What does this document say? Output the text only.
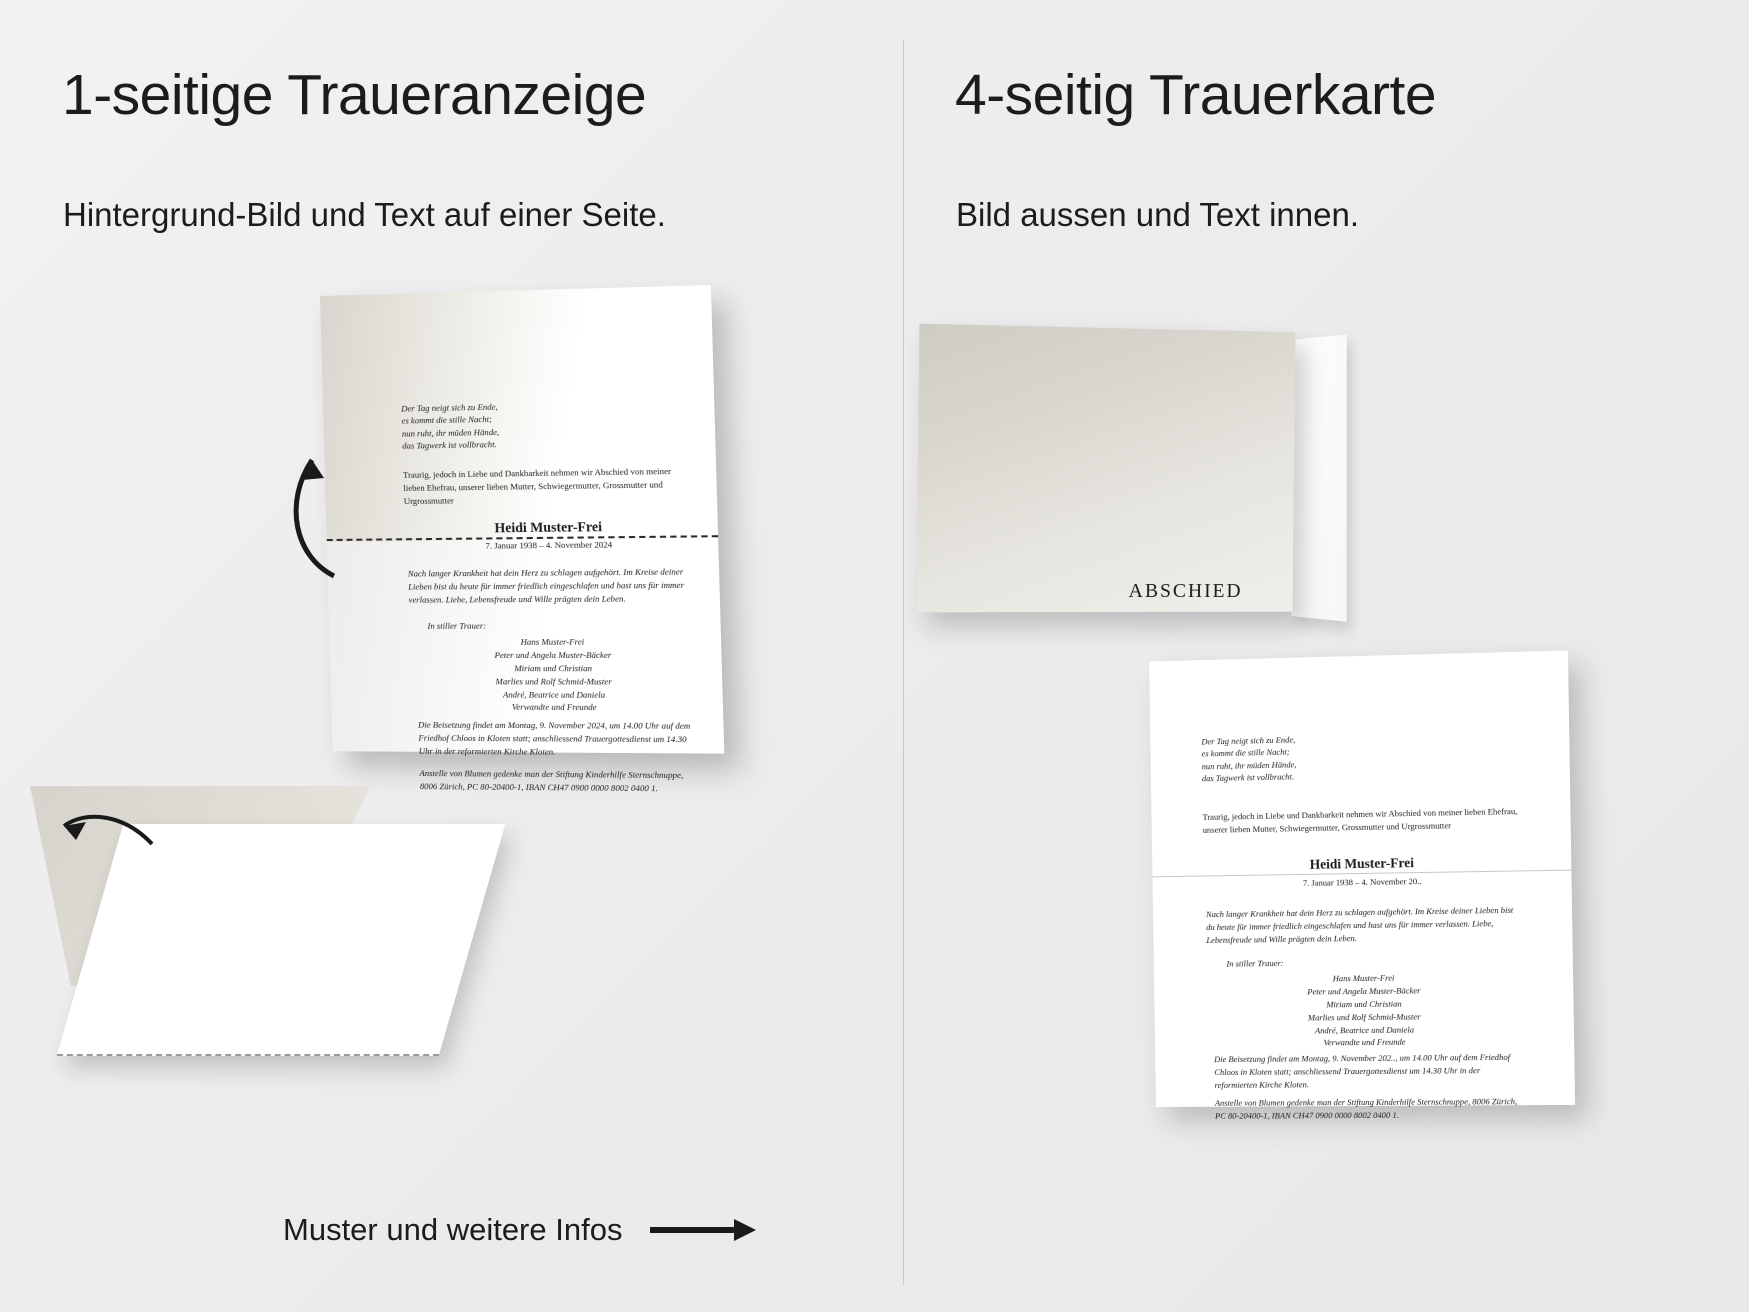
1-seitige Traueranzeige
Hintergrund-Bild und Text auf einer Seite.
4-seitig Trauerkarte
Bild aussen und Text innen.
Der Tag neigt sich zu Ende,
es kommt die stille Nacht;
nun ruht, ihr müden Hände,
das Tagwerk ist vollbracht.
Traurig, jedoch in Liebe und Dankbarkeit nehmen wir Abschied von meiner lieben Ehefrau, unserer lieben Mutter, Schwiegermutter, Grossmutter und Urgrossmutter
Heidi Muster-Frei
7. Januar 1938 – 4. November 2024
Nach langer Krankheit hat dein Herz zu schlagen aufgehört. Im Kreise deiner Lieben bist du heute für immer friedlich eingeschlafen und hast uns für immer verlassen. Liebe, Lebensfreude und Wille prägten dein Leben.
In stiller Trauer:
Hans Muster-Frei
Peter und Angela Muster-Bäcker
Miriam und Christian
Marlies und Rolf Schmid-Muster
André, Beatrice und Daniela
Verwandte und Freunde
Die Beisetzung findet am Montag, 9. November 2024, um 14.00 Uhr auf dem Friedhof Chloos in Kloten statt; anschliessend Trauergottesdienst um 14.30 Uhr in der reformierten Kirche Kloten.
Anstelle von Blumen gedenke man der Stiftung Kinderhilfe Sternschnuppe, 8006 Zürich, PC 80-20400-1, IBAN CH47 0900 0000 8002 0400 1.
ABSCHIED
Der Tag neigt sich zu Ende,
es kommt die stille Nacht;
nun ruht, ihr müden Hände,
das Tagwerk ist vollbracht.
Traurig, jedoch in Liebe und Dankbarkeit nehmen wir Abschied von meiner lieben Ehefrau, unserer lieben Mutter, Schwiegermutter, Grossmutter und Urgrossmutter
Heidi Muster-Frei
7. Januar 1938 – 4. November 20..
Nach langer Krankheit hat dein Herz zu schlagen aufgehört. Im Kreise deiner Lieben bist du heute für immer friedlich eingeschlafen und hast uns für immer verlassen. Liebe, Lebensfreude und Wille prägten dein Leben.
In stiller Trauer:
Hans Muster-Frei
Peter und Angela Muster-Bäcker
Miriam und Christian
Marlies und Rolf Schmid-Muster
André, Beatrice und Daniela
Verwandte und Freunde
Die Beisetzung findet am Montag, 9. November 202.., um 14.00 Uhr auf dem Friedhof Chloos in Kloten statt; anschliessend Trauergottesdienst um 14.30 Uhr in der reformierten Kirche Kloten.
Anstelle von Blumen gedenke man der Stiftung Kinderhilfe Sternschnuppe, 8006 Zürich, PC 80-20400-1, IBAN CH47 0900 0000 8002 0400 1.
Muster und weitere Infos
